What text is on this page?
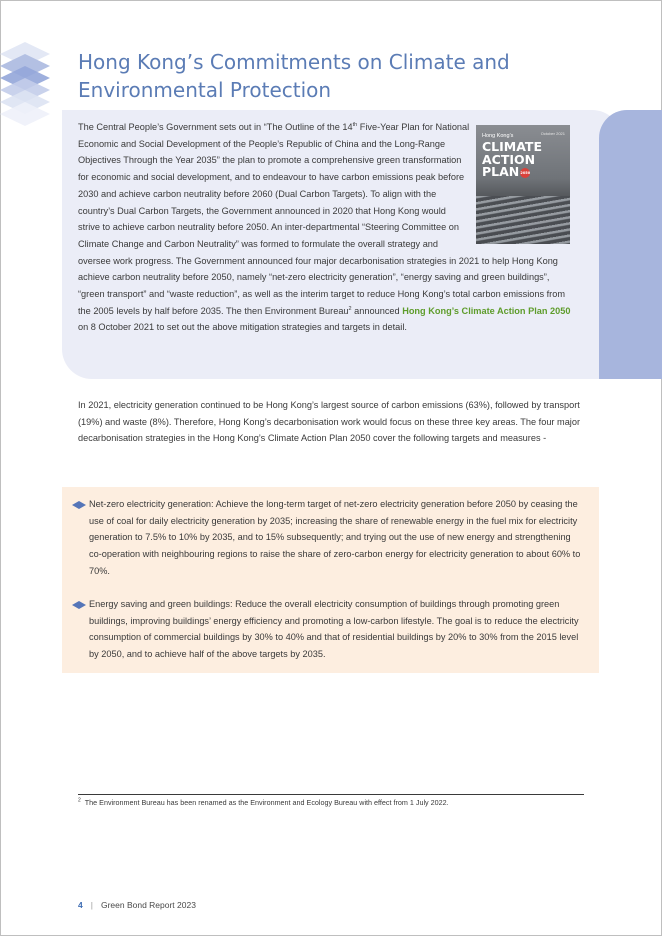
Hong Kong’s Commitments on Climate and Environmental Protection
October 2021
Hong Kong’s
CLIMATE
ACTION
PLAN2050

The Central People’s Government sets out in “The Outline of the 14th Five-Year Plan for National Economic and Social Development of the People’s Republic of China and the Long-Range Objectives Through the Year 2035” the plan to promote a comprehensive green transformation for economic and social development, and to endeavour to have carbon emissions peak before 2030 and achieve carbon neutrality before 2060 (Dual Carbon Targets). To align with the country’s Dual Carbon Targets, the Government announced in 2020 that Hong Kong would strive to achieve carbon neutrality before 2050. An inter-departmental “Steering Committee on Climate Change and Carbon Neutrality” was formed to formulate the overall strategy and oversee work progress. The Government announced four major decarbonisation strategies in 2021 to help Hong Kong achieve carbon neutrality before 2050, namely “net-zero electricity generation”, “energy saving and green buildings”, “green transport” and “waste reduction”, as well as the interim target to reduce Hong Kong’s total carbon emissions from the 2005 levels by half before 2035. The then Environment Bureau$^2$ announced Hong Kong’s Climate Action Plan 2050 on 8 October 2021 to set out the above mitigation strategies and targets in detail.

In 2021, electricity generation continued to be Hong Kong’s largest source of carbon emissions (63%), followed by transport (19%) and waste (8%). Therefore, Hong Kong’s decarbonisation work would focus on these three key areas. The four major decarbonisation strategies in the Hong Kong’s Climate Action Plan 2050 cover the following targets and measures -

Net-zero electricity generation: Achieve the long-term target of net-zero electricity generation before 2050 by ceasing the use of coal for daily electricity generation by 2035; increasing the share of renewable energy in the fuel mix for electricity generation to 7.5% to 10% by 2035, and to 15% subsequently; and trying out the use of new energy and strengthening co-operation with neighbouring regions to raise the share of zero-carbon energy for electricity generation to about 60% to 70%.

Energy saving and green buildings: Reduce the overall electricity consumption of buildings through promoting green buildings, improving buildings’ energy efficiency and promoting a low-carbon lifestyle. The goal is to reduce the electricity consumption of commercial buildings by 30% to 40% and that of residential buildings by 20% to 30% from the 2015 level by 2050, and to achieve half of the above targets by 2035.

$^2$ The Environment Bureau has been renamed as the Environment and Ecology Bureau with effect from 1 July 2022.
4 | Green Bond Report 2023
